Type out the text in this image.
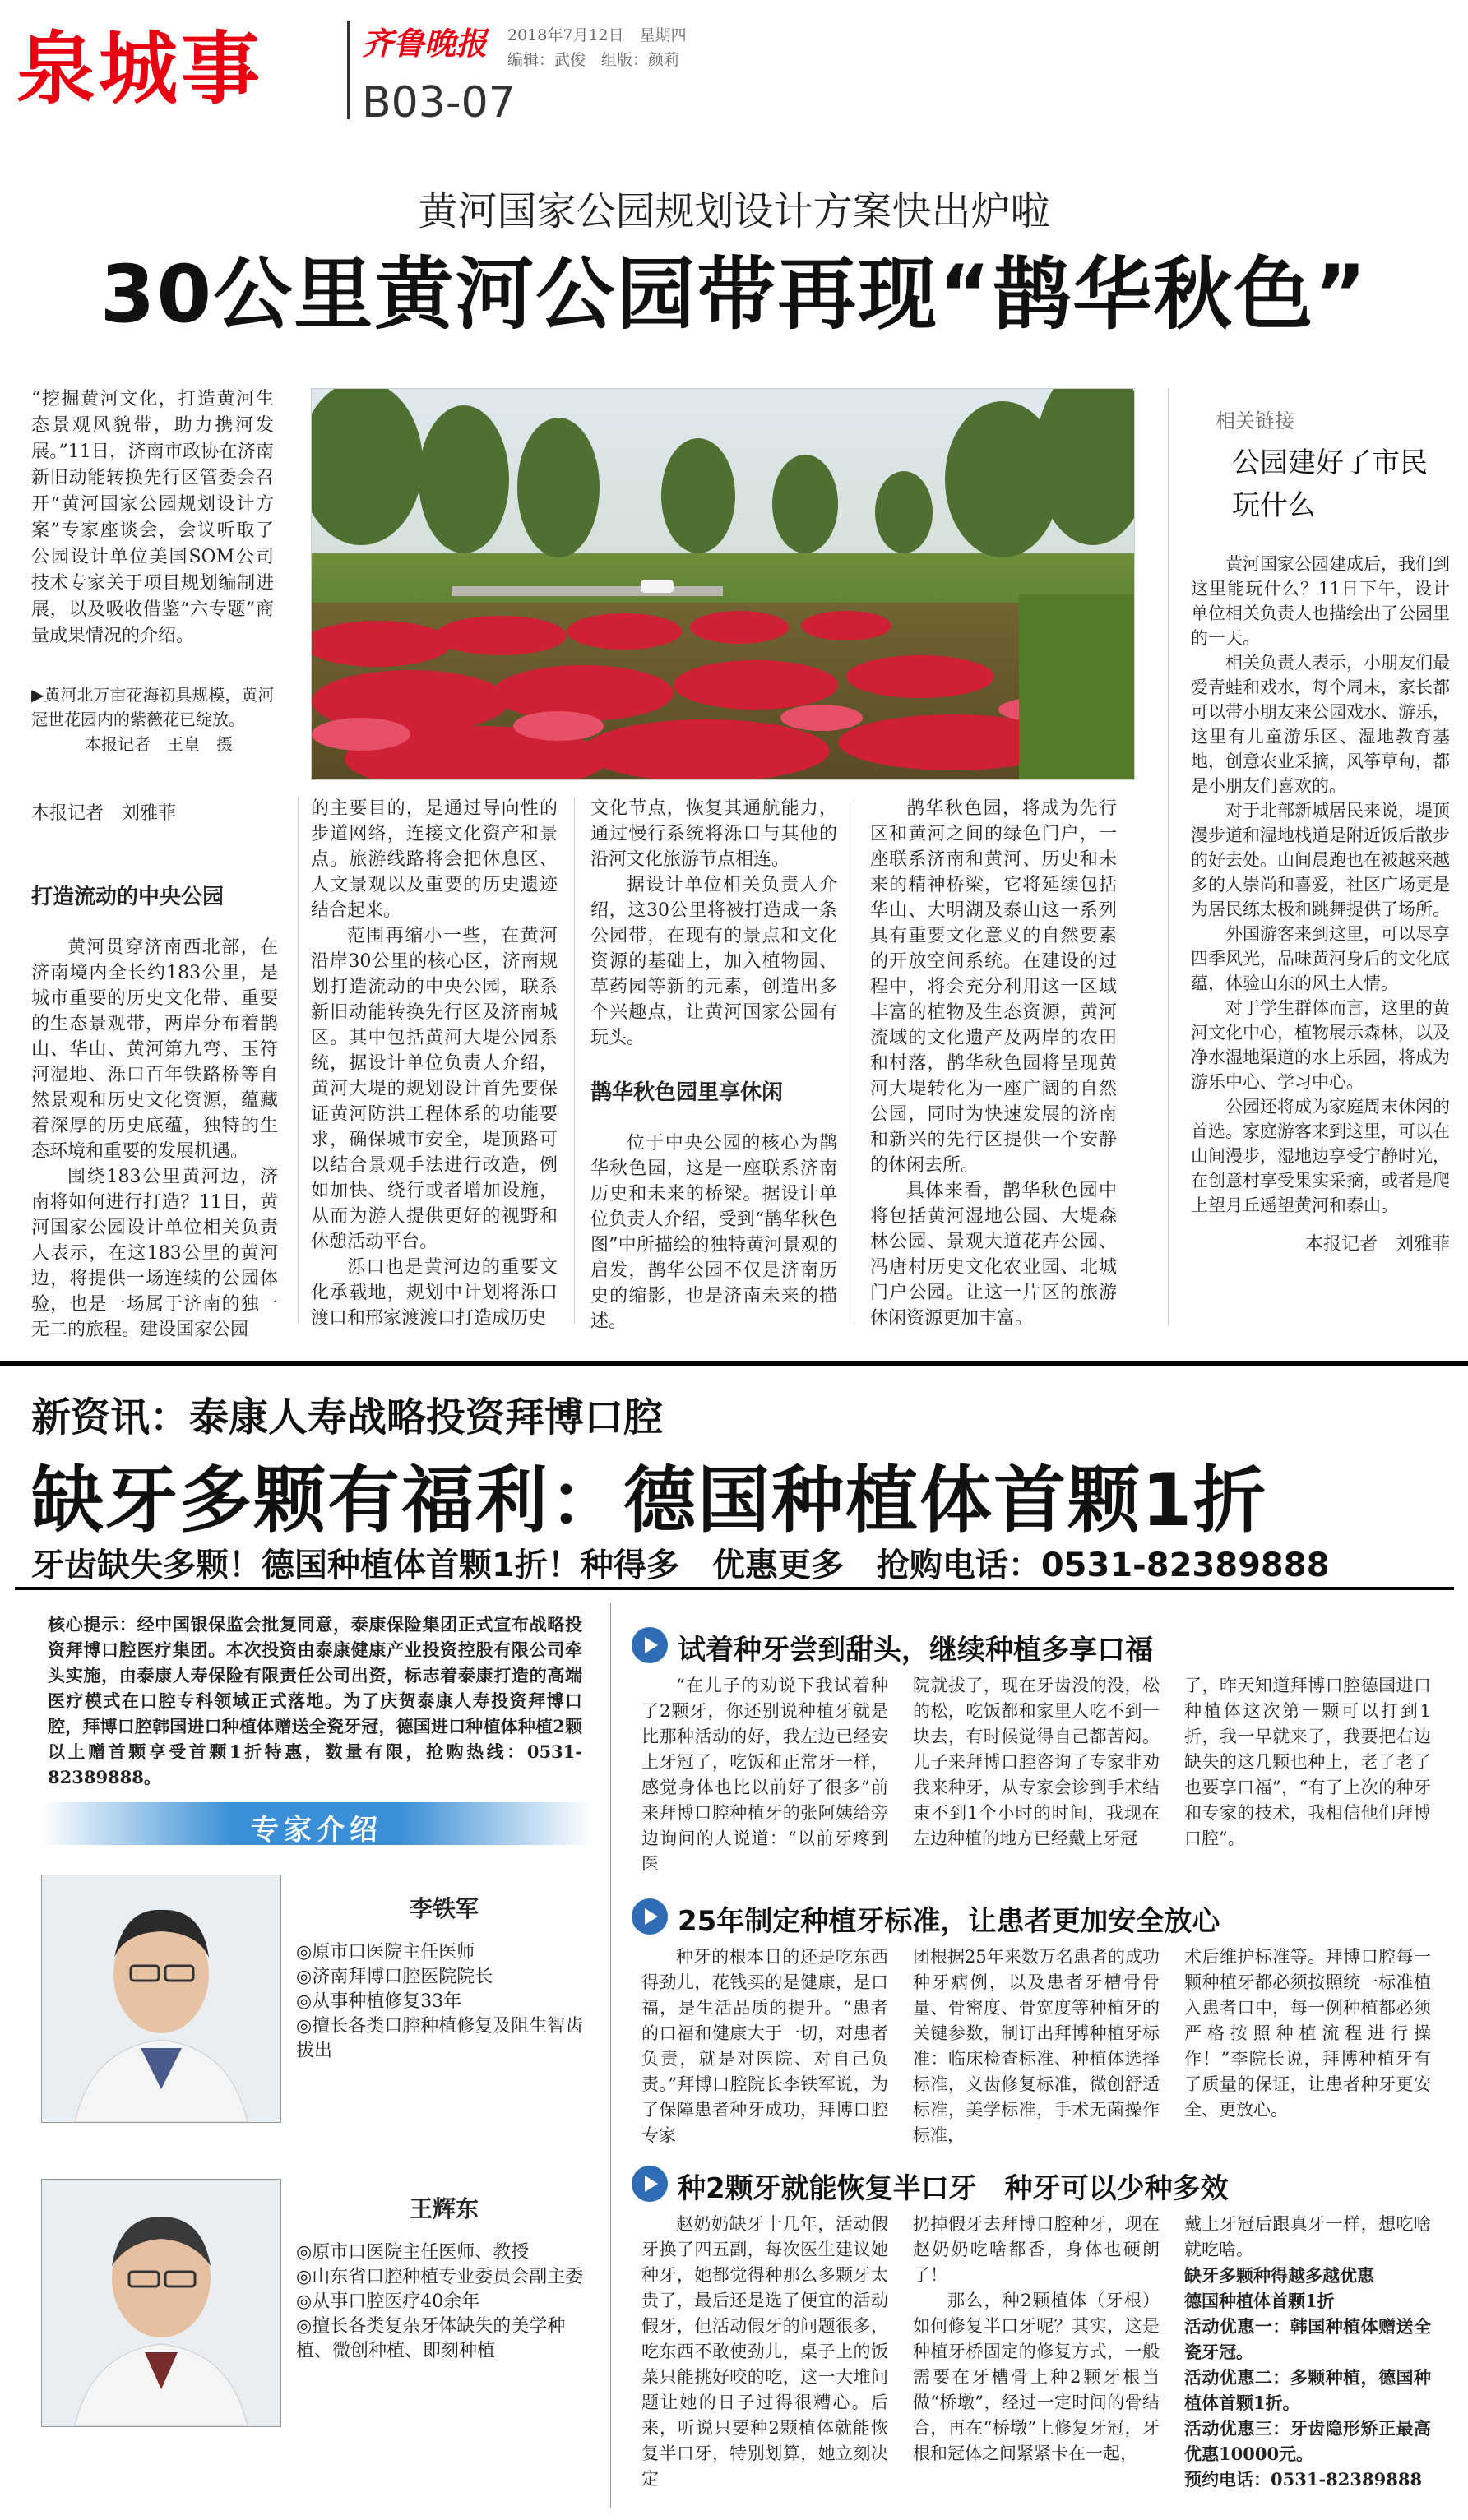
泉城事	齐鲁晚报
B03-07
2018年7月12日　星期四
编辑：武俊　组版：颜莉
黄河国家公园规划设计方案快出炉啦
30公里黄河公园带再现“鹊华秋色”
“挖掘黄河文化，打造黄河生态景观风貌带，助力携河发展。”11日，济南市政协在济南新旧动能转换先行区管委会召开“黄河国家公园规划设计方案”专家座谈会，会议听取了公园设计单位美国SOM公司技术专家关于项目规划编制进展，以及吸收借鉴“六专题”商量成果情况的介绍。
▶黄河北万亩花海初具规模，黄河冠世花园内的紫薇花已绽放。
本报记者　王皇　摄
本报记者　刘雅菲
打造流动的中央公园

黄河贯穿济南西北部，在济南境内全长约183公里，是城市重要的历史文化带、重要的生态景观带，两岸分布着鹊山、华山、黄河第九弯、玉符河湿地、泺口百年铁路桥等自然景观和历史文化资源，蕴藏着深厚的历史底蕴，独特的生态环境和重要的发展机遇。

围绕183公里黄河边，济南将如何进行打造？11日，黄河国家公园设计单位相关负责人表示，在这183公里的黄河边，将提供一场连续的公园体验，也是一场属于济南的独一无二的旅程。建设国家公园

的主要目的，是通过导向性的步道网络，连接文化资产和景点。旅游线路将会把休息区、人文景观以及重要的历史遗迹结合起来。

范围再缩小一些，在黄河沿岸30公里的核心区，济南规划打造流动的中央公园，联系新旧动能转换先行区及济南城区。其中包括黄河大堤公园系统，据设计单位负责人介绍，黄河大堤的规划设计首先要保证黄河防洪工程体系的功能要求，确保城市安全，堤顶路可以结合景观手法进行改造，例如加快、绕行或者增加设施，从而为游人提供更好的视野和休憩活动平台。

泺口也是黄河边的重要文化承载地，规划中计划将泺口渡口和邢家渡渡口打造成历史

文化节点，恢复其通航能力，通过慢行系统将泺口与其他的沿河文化旅游节点相连。

据设计单位相关负责人介绍，这30公里将被打造成一条公园带，在现有的景点和文化资源的基础上，加入植物园、草药园等新的元素，创造出多个兴趣点，让黄河国家公园有玩头。

鹊华秋色园里享休闲

位于中央公园的核心为鹊华秋色园，这是一座联系济南历史和未来的桥梁。据设计单位负责人介绍，受到“鹊华秋色图”中所描绘的独特黄河景观的启发，鹊华公园不仅是济南历史的缩影，也是济南未来的描述。

鹊华秋色园，将成为先行区和黄河之间的绿色门户，一座联系济南和黄河、历史和未来的精神桥梁，它将延续包括华山、大明湖及泰山这一系列具有重要文化意义的自然要素的开放空间系统。在建设的过程中，将会充分利用这一区域丰富的植物及生态资源，黄河流域的文化遗产及两岸的农田和村落，鹊华秋色园将呈现黄河大堤转化为一座广阔的自然公园，同时为快速发展的济南和新兴的先行区提供一个安静的休闲去所。

具体来看，鹊华秋色园中将包括黄河湿地公园、大堤森林公园、景观大道花卉公园、冯唐村历史文化农业园、北城门户公园。让这一片区的旅游休闲资源更加丰富。

相关链接
公园建好了市民玩什么

黄河国家公园建成后，我们到这里能玩什么？11日下午，设计单位相关负责人也描绘出了公园里的一天。

相关负责人表示，小朋友们最爱青蛙和戏水，每个周末，家长都可以带小朋友来公园戏水、游乐，这里有儿童游乐区、湿地教育基地，创意农业采摘，风筝草甸，都是小朋友们喜欢的。

对于北部新城居民来说，堤顶漫步道和湿地栈道是附近饭后散步的好去处。山间晨跑也在被越来越多的人崇尚和喜爱，社区广场更是为居民练太极和跳舞提供了场所。

外国游客来到这里，可以尽享四季风光，品味黄河身后的文化底蕴，体验山东的风土人情。

对于学生群体而言，这里的黄河文化中心，植物展示森林，以及净水湿地渠道的水上乐园，将成为游乐中心、学习中心。

公园还将成为家庭周末休闲的首选。家庭游客来到这里，可以在山间漫步，湿地边享受宁静时光，在创意村享受果实采摘，或者是爬上望月丘遥望黄河和泰山。

本报记者　刘雅菲
新资讯：泰康人寿战略投资拜博口腔
缺牙多颗有福利：德国种植体首颗1折
牙齿缺失多颗！德国种植体首颗1折！种得多　优惠更多　抢购电话：0531-82389888
核心提示：经中国银保监会批复同意，泰康保险集团正式宣布战略投资拜博口腔医疗集团。本次投资由泰康健康产业投资控股有限公司牵头实施，由泰康人寿保险有限责任公司出资，标志着泰康打造的高端医疗模式在口腔专科领域正式落地。为了庆贺泰康人寿投资拜博口腔，拜博口腔韩国进口种植体赠送全瓷牙冠，德国进口种植体种植2颗以上赠首颗享受首颗1折特惠，数量有限，抢购热线：0531-82389888。
专家介绍
李铁军
◎原市口医院主任医师
◎济南拜博口腔医院院长
◎从事种植修复33年
◎擅长各类口腔种植修复及阻生智齿拔出
王辉东
◎原市口医院主任医师、教授
◎山东省口腔种植专业委员会副主委
◎从事口腔医疗40余年
◎擅长各类复杂牙体缺失的美学种植、微创种植、即刻种植
试着种牙尝到甜头，继续种植多享口福

“在儿子的劝说下我试着种了2颗牙，你还别说种植牙就是比那种活动的好，我左边已经安上牙冠了，吃饭和正常牙一样，感觉身体也比以前好了很多”前来拜博口腔种植牙的张阿姨给旁边询问的人说道：“以前牙疼到医

院就拔了，现在牙齿没的没，松的松，吃饭都和家里人吃不到一块去，有时候觉得自己都苦闷。儿子来拜博口腔咨询了专家非劝我来种牙，从专家会诊到手术结束不到1个小时的时间，我现在左边种植的地方已经戴上牙冠

了，昨天知道拜博口腔德国进口种植体这次第一颗可以打到1折，我一早就来了，我要把右边缺失的这几颗也种上，老了老了也要享口福”，“有了上次的种牙和专家的技术，我相信他们拜博口腔”。

25年制定种植牙标准，让患者更加安全放心

种牙的根本目的还是吃东西得劲儿，花钱买的是健康，是口福，是生活品质的提升。“患者的口福和健康大于一切，对患者负责，就是对医院、对自己负责。”拜博口腔院长李铁军说，为了保障患者种牙成功，拜博口腔专家

团根据25年来数万名患者的成功种牙病例，以及患者牙槽骨骨量、骨密度、骨宽度等种植牙的关键参数，制订出拜博种植牙标准：临床检查标准、种植体选择标准，义齿修复标准，微创舒适标准，美学标准，手术无菌操作标准，

术后维护标准等。拜博口腔每一颗种植牙都必须按照统一标准植入患者口中，每一例种植都必须严格按照种植流程进行操作！”李院长说，拜博种植牙有了质量的保证，让患者种牙更安全、更放心。

种2颗牙就能恢复半口牙　种牙可以少种多效

赵奶奶缺牙十几年，活动假牙换了四五副，每次医生建议她种牙，她都觉得种那么多颗牙太贵了，最后还是选了便宜的活动假牙，但活动假牙的问题很多，吃东西不敢使劲儿，桌子上的饭菜只能挑好咬的吃，这一大堆问题让她的日子过得很糟心。后来，听说只要种2颗植体就能恢复半口牙，特别划算，她立刻决定

扔掉假牙去拜博口腔种牙，现在赵奶奶吃啥都香，身体也硬朗了！

那么，种2颗植体（牙根）如何修复半口牙呢？其实，这是种植牙桥固定的修复方式，一般需要在牙槽骨上种2颗牙根当做“桥墩”，经过一定时间的骨结合，再在“桥墩”上修复牙冠，牙根和冠体之间紧紧卡在一起，

戴上牙冠后跟真牙一样，想吃啥就吃啥。

缺牙多颗种得越多越优惠
德国种植体首颗1折
活动优惠一：韩国种植体赠送全瓷牙冠。
活动优惠二：多颗种植，德国种植体首颗1折。
活动优惠三：牙齿隐形矫正最高优惠10000元。
预约电话：0531-82389888
